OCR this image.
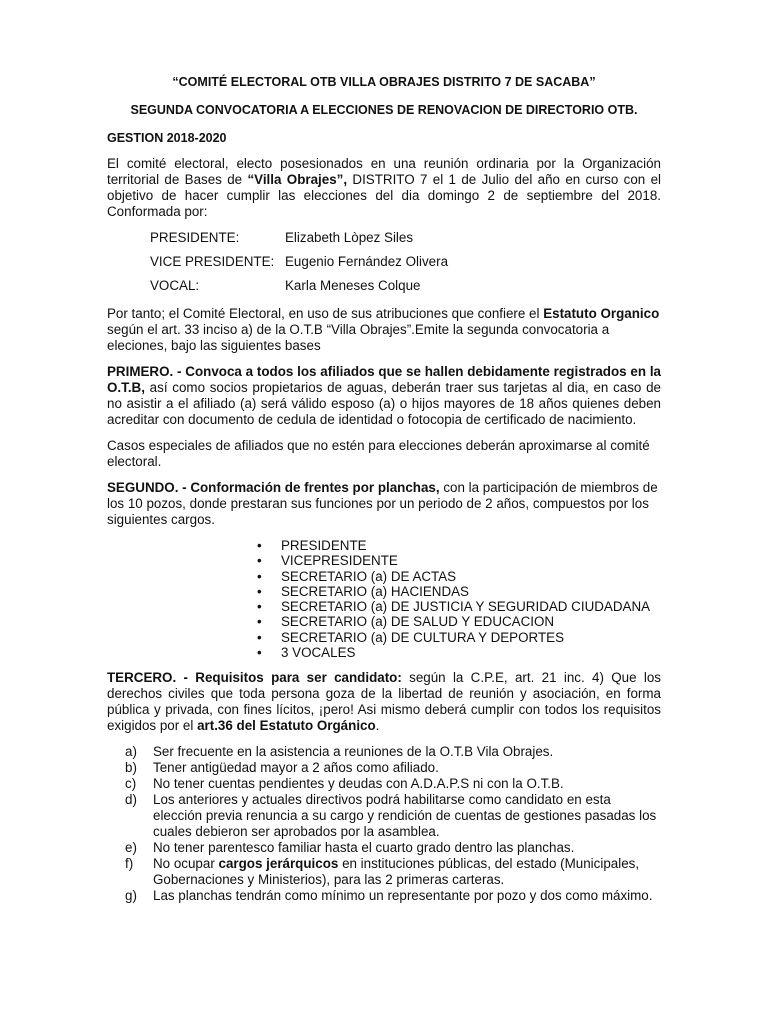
“COMITÉ ELECTORAL OTB VILLA OBRAJES DISTRITO 7 DE SACABA”
SEGUNDA CONVOCATORIA A ELECCIONES DE RENOVACION DE DIRECTORIO OTB.
GESTION 2018-2020

El comité electoral, electo posesionados en una reunión ordinaria por la Organización territorial de Bases de “Villa Obrajes”, DISTRITO 7 el 1 de Julio del año en curso con el objetivo de hacer cumplir las elecciones del dia domingo 2 de septiembre del 2018. Conformada por:

PRESIDENTE:	Elizabeth Lòpez Siles
VICE PRESIDENTE: Eugenio Fernández Olivera
VOCAL:	Karla Meneses Colque

Por tanto; el Comité Electoral, en uso de sus atribuciones que confiere el Estatuto Organico según el art. 33 inciso a) de la O.T.B “Villa Obrajes”.Emite la segunda convocatoria a eleciones, bajo las siguientes bases

PRIMERO. - Convoca a todos los afiliados que se hallen debidamente registrados en la O.T.B, así como socios propietarios de aguas, deberán traer sus tarjetas al dia, en caso de no asistir a el afiliado (a) será válido esposo (a) o hijos mayores de 18 años quienes deben acreditar con documento de cedula de identidad o fotocopia de certificado de nacimiento.

Casos especiales de afiliados que no estén para elecciones deberán aproximarse al comité electoral.

SEGUNDO. - Conformación de frentes por planchas, con la participación de miembros de los 10 pozos, donde prestaran sus funciones por un periodo de 2 años, compuestos por los siguientes cargos.

• PRESIDENTE
• VICEPRESIDENTE
• SECRETARIO (a) DE ACTAS
• SECRETARIO (a) HACIENDAS
• SECRETARIO (a) DE JUSTICIA Y SEGURIDAD CIUDADANA
• SECRETARIO (a) DE SALUD Y EDUCACION
• SECRETARIO (a) DE CULTURA Y DEPORTES
• 3 VOCALES

TERCERO. - Requisitos para ser candidato: según la C.P.E, art. 21 inc. 4) Que los derechos civiles que toda persona goza de la libertad de reunión y asociación, en forma pública y privada, con fines lícitos, ¡pero! Asi mismo deberá cumplir con todos los requisitos exigidos por el art.36 del Estatuto Orgánico.

a) Ser frecuente en la asistencia a reuniones de la O.T.B Vila Obrajes.
b) Tener antigüedad mayor a 2 años como afiliado.
c) No tener cuentas pendientes y deudas con A.D.A.P.S ni con la O.T.B.
d) Los anteriores y actuales directivos podrá habilitarse como candidato en esta elección previa renuncia a su cargo y rendición de cuentas de gestiones pasadas los cuales debieron ser aprobados por la asamblea.
e) No tener parentesco familiar hasta el cuarto grado dentro las planchas.
f) No ocupar cargos jerárquicos en instituciones públicas, del estado (Municipales, Gobernaciones y Ministerios), para las 2 primeras carteras.
g) Las planchas tendrán como mínimo un representante por pozo y dos como máximo.
